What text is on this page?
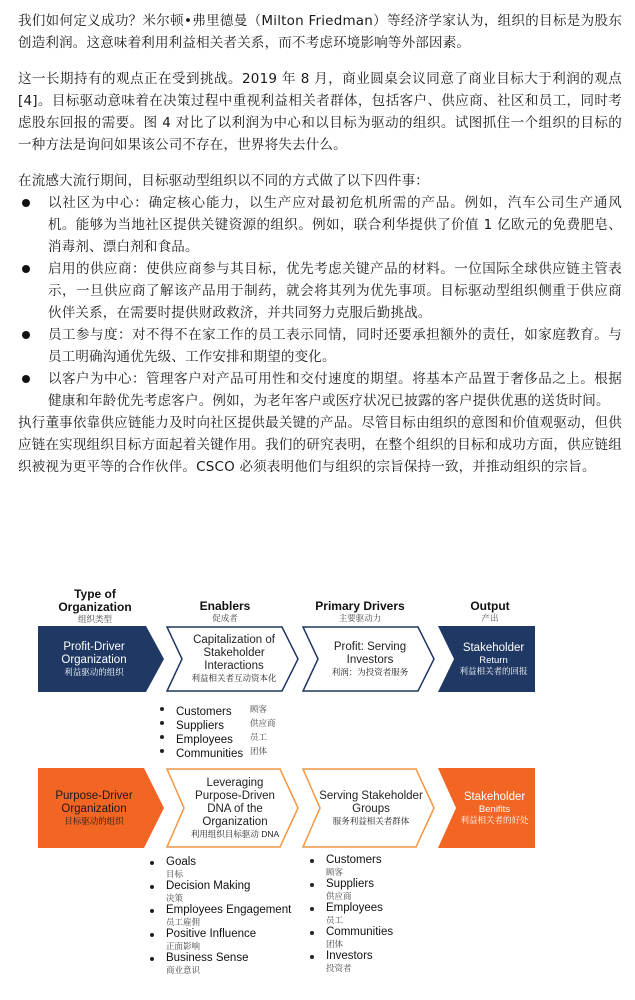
我们如何定义成功？米尔顿•弗里德曼（Milton Friedman）等经济学家认为，组织的目标是为股东创造利润。这意味着利用利益相关者关系，而不考虑环境影响等外部因素。

这一长期持有的观点正在受到挑战。2019 年 8 月，商业圆桌会议同意了商业目标大于利润的观点 [4]。目标驱动意味着在决策过程中重视利益相关者群体，包括客户、供应商、社区和员工，同时考虑股东回报的需要。图 4 对比了以利润为中心和以目标为驱动的组织。试图抓住一个组织的目标的一种方法是询问如果该公司不存在，世界将失去什么。

在流感大流行期间，目标驱动型组织以不同的方式做了以下四件事：

以社区为中心：确定核心能力，以生产应对最初危机所需的产品。例如，汽车公司生产通风机。能够为当地社区提供关键资源的组织。例如，联合利华提供了价值 1 亿欧元的免费肥皂、消毒剂、漂白剂和食品。
启用的供应商：使供应商参与其目标，优先考虑关键产品的材料。一位国际全球供应链主管表示，一旦供应商了解该产品用于制药，就会将其列为优先事项。目标驱动型组织侧重于供应商伙伴关系，在需要时提供财政救济，并共同努力克服后勤挑战。
员工参与度：对不得不在家工作的员工表示同情，同时还要承担额外的责任，如家庭教育。与员工明确沟通优先级、工作安排和期望的变化。
以客户为中心：管理客户对产品可用性和交付速度的期望。将基本产品置于奢侈品之上。根据健康和年龄优先考虑客户。例如，为老年客户或医疗状况已披露的客户提供优惠的送货时间。

执行董事依靠供应链能力及时向社区提供最关键的产品。尽管目标由组织的意图和价值观驱动，但供应链在实现组织目标方面起着关键作用。我们的研究表明，在整个组织的目标和成功方面，供应链组织被视为更平等的合作伙伴。CSCO 必须表明他们与组织的宗旨保持一致，并推动组织的宗旨。

Type of Organization
组织类型
Enablers
促成者
Primary Drivers
主要驱动力
Output
产出
Profit-Driver Organization
利益驱动的组织
Capitalization of Stakeholder Interactions
利益相关者互动资本化
Profit: Serving Investors
利润：为投资者服务
Stakeholder
Return
利益相关者的回报
Customers 顾客
Suppliers	供应商
Employees 员工
Communities 团体
Purpose-Driver Organization
目标驱动的组织
Leveraging Purpose-Driven DNA of the Organization
利用组织目标驱动 DNA
Serving Stakeholder Groups
服务利益相关者群体
Stakeholder
Benifits
利益相关者的好处
Goals
目标
Decision Making
决策
Employees Engagement
员工雇佣
Positive Influence
正面影响
Business Sense
商业意识
Customers
顾客
Suppliers
供应商
Employees
员工
Communities
团体
Investors
投资者
